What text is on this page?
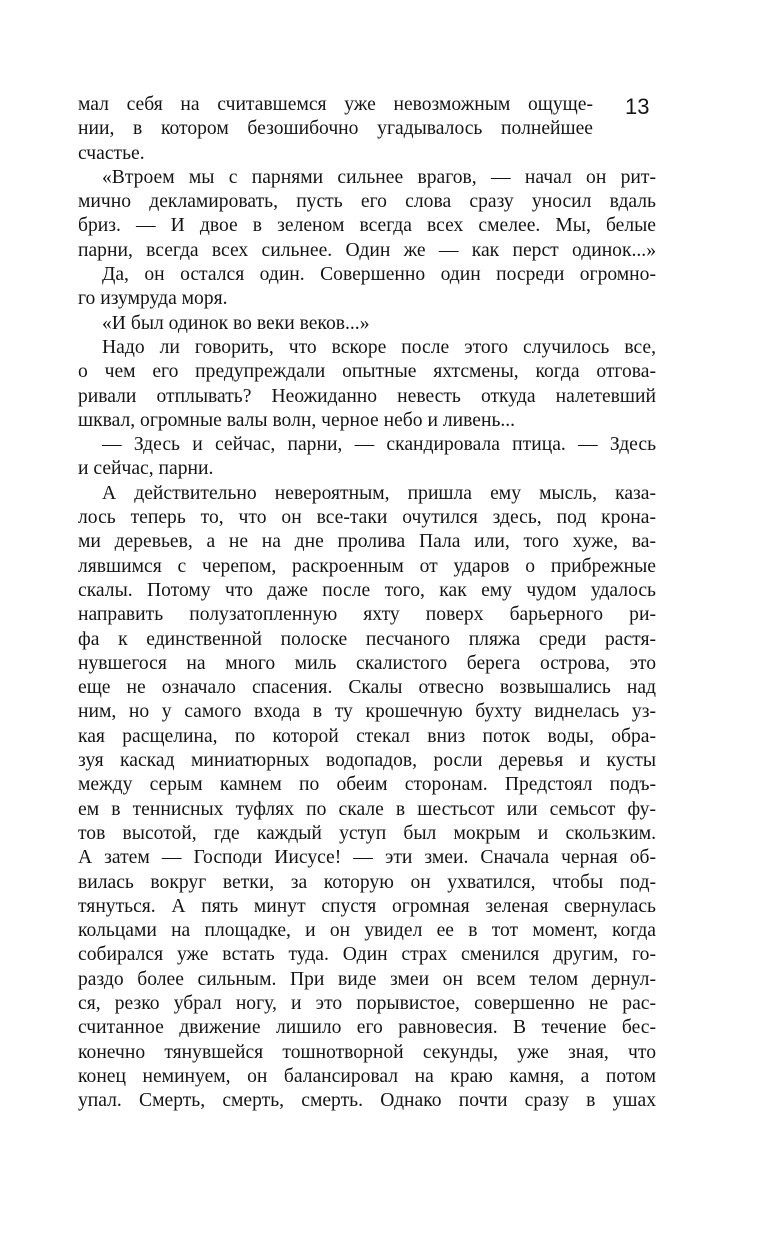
13
мал себя на считавшемся уже невозможным ощуще-
нии, в котором безошибочно угадывалось полнейшее
счастье.
«Втроем мы с парнями сильнее врагов, — начал он рит-
мично декламировать, пусть его слова сразу уносил вдаль
бриз. — И двое в зеленом всегда всех смелее. Мы, белые
парни, всегда всех сильнее. Один же — как перст одинок...»
Да, он остался один. Совершенно один посреди огромно-
го изумруда моря.
«И был одинок во веки веков...»
Надо ли говорить, что вскоре после этого случилось все,
о чем его предупреждали опытные яхтсмены, когда отгова-
ривали отплывать? Неожиданно невесть откуда налетевший
шквал, огромные валы волн, черное небо и ливень...
— Здесь и сейчас, парни, — скандировала птица. — Здесь
и сейчас, парни.
А действительно невероятным, пришла ему мысль, каза-
лось теперь то, что он все-таки очутился здесь, под крона-
ми деревьев, а не на дне пролива Пала или, того хуже, ва-
лявшимся с черепом, раскроенным от ударов о прибрежные
скалы. Потому что даже после того, как ему чудом удалось
направить полузатопленную яхту поверх барьерного ри-
фа к единственной полоске песчаного пляжа среди растя-
нувшегося на много миль скалистого берега острова, это
еще не означало спасения. Скалы отвесно возвышались над
ним, но у самого входа в ту крошечную бухту виднелась уз-
кая расщелина, по которой стекал вниз поток воды, обра-
зуя каскад миниатюрных водопадов, росли деревья и кусты
между серым камнем по обеим сторонам. Предстоял подъ-
ем в теннисных туфлях по скале в шестьсот или семьсот фу-
тов высотой, где каждый уступ был мокрым и скользким.
А затем — Господи Иисусе! — эти змеи. Сначала черная об-
вилась вокруг ветки, за которую он ухватился, чтобы под-
тянуться. А пять минут спустя огромная зеленая свернулась
кольцами на площадке, и он увидел ее в тот момент, когда
собирался уже встать туда. Один страх сменился другим, го-
раздо более сильным. При виде змеи он всем телом дернул-
ся, резко убрал ногу, и это порывистое, совершенно не рас-
считанное движение лишило его равновесия. В течение бес-
конечно тянувшейся тошнотворной секунды, уже зная, что
конец неминуем, он балансировал на краю камня, а потом
упал. Смерть, смерть, смерть. Однако почти сразу в ушах
